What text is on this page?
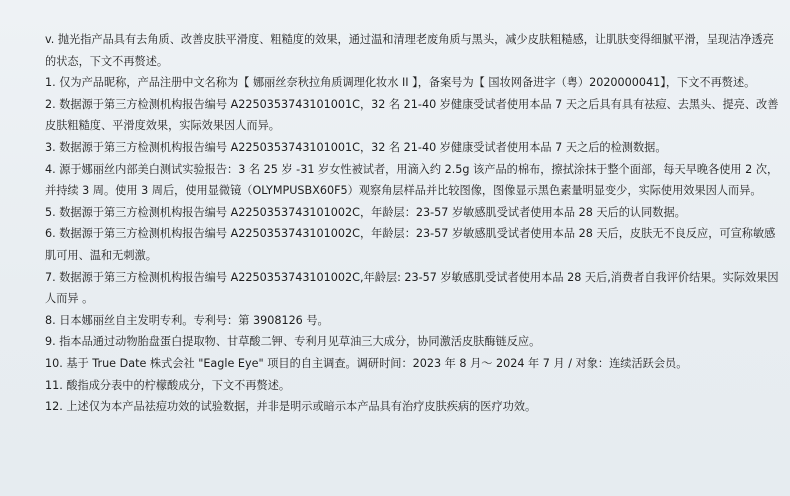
v. 抛光指产品具有去角质、改善皮肤平滑度、粗糙度的效果，通过温和清理老废角质与黑头，减少皮肤粗糙感，让肌肤变得细腻平滑，呈现洁净透亮的状态，下文不再赘述。
1. 仅为产品昵称，产品注册中文名称为【 娜丽丝奈秋拉角质调理化妆水 II 】，备案号为【 国妆网备进字（粤）2020000041】，下文不再赘述。
2. 数据源于第三方检测机构报告编号 A2250353743101001C，32 名 21-40 岁健康受试者使用本品 7 天之后具有具有祛痘、去黑头、提亮、改善皮肤粗糙度、平滑度效果，实际效果因人而异。
3. 数据源于第三方检测机构报告编号 A2250353743101001C，32 名 21-40 岁健康受试者使用本品 7 天之后的检测数据。
4. 源于娜丽丝内部美白测试实验报告：3 名 25 岁 -31 岁女性被试者，用滴入约 2.5g 该产品的棉布，擦拭涂抹于整个面部，每天早晚各使用 2 次，并持续 3 周。使用 3 周后，使用显微镜（OLYMPUSBX60F5）观察角层样品并比较图像，图像显示黑色素量明显变少，实际使用效果因人而异。
5. 数据源于第三方检测机构报告编号 A2250353743101002C，年龄层：23-57 岁敏感肌受试者使用本品 28 天后的认同数据。
6. 数据源于第三方检测机构报告编号 A2250353743101002C，年龄层：23-57 岁敏感肌受试者使用本品 28 天后，皮肤无不良反应，可宣称敏感肌可用、温和无刺激。
7. 数据源于第三方检测机构报告编号 A2250353743101002C,年龄层: 23-57 岁敏感肌受试者使用本品 28 天后,消费者自我评价结果。实际效果因人而异 。
8. 日本娜丽丝自主发明专利。专利号：第 3908126 号。
9. 指本品通过动物胎盘蛋白提取物、甘草酸二钾、专利月见草油三大成分，协同激活皮肤酶链反应。
10. 基于 True Date 株式会社 "Eagle Eye" 项目的自主调查。调研时间：2023 年 8 月～ 2024 年 7 月 / 对象：连续活跃会员。
11. 酸指成分表中的柠檬酸成分，下文不再赘述。
12. 上述仅为本产品祛痘功效的试验数据，并非是明示或暗示本产品具有治疗皮肤疾病的医疗功效。
